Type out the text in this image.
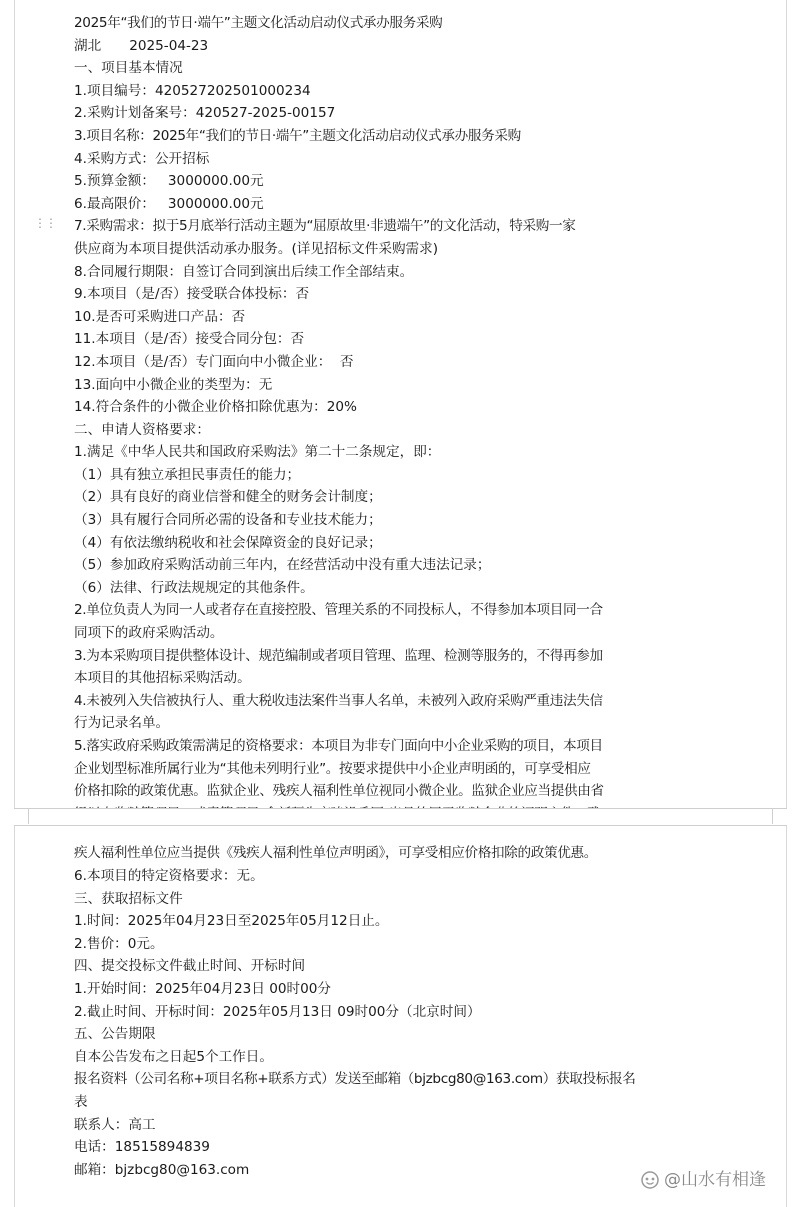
⋮⋮
2025年“我们的节日·端午”主题文化活动启动仪式承办服务采购
湖北 2025-04-23
一、项目基本情况
1.项目编号：420527202501000234
2.采购计划备案号：420527-2025-00157
3.项目名称：2025年“我们的节日·端午”主题文化活动启动仪式承办服务采购
4.采购方式：公开招标
5.预算金额：   3000000.00元
6.最高限价：   3000000.00元
7.采购需求：拟于5月底举行活动主题为“屈原故里·非遗端午”的文化活动，特采购一家
供应商为本项目提供活动承办服务。(详见招标文件采购需求)
8.合同履行期限：自签订合同到演出后续工作全部结束。
9.本项目（是/否）接受联合体投标：否
10.是否可采购进口产品：否
11.本项目（是/否）接受合同分包：否
12.本项目（是/否）专门面向中小微企业：  否
13.面向中小微企业的类型为：无
14.符合条件的小微企业价格扣除优惠为：20%
二、申请人资格要求：
1.满足《中华人民共和国政府采购法》第二十二条规定，即：
（1）具有独立承担民事责任的能力；
（2）具有良好的商业信誉和健全的财务会计制度；
（3）具有履行合同所必需的设备和专业技术能力；
（4）有依法缴纳税收和社会保障资金的良好记录；
（5）参加政府采购活动前三年内，在经营活动中没有重大违法记录；
（6）法律、行政法规规定的其他条件。
2.单位负责人为同一人或者存在直接控股、管理关系的不同投标人，不得参加本项目同一合
同项下的政府采购活动。
3.为本采购项目提供整体设计、规范编制或者项目管理、监理、检测等服务的，不得再参加
本项目的其他招标采购活动。
4.未被列入失信被执行人、重大税收违法案件当事人名单，未被列入政府采购严重违法失信
行为记录名单。
5.落实政府采购政策需满足的资格要求：本项目为非专门面向中小企业采购的项目，本项目
企业划型标准所属行业为“其他未列明行业”。按要求提供中小企业声明函的，可享受相应
价格扣除的政策优惠。监狱企业、残疾人福利性单位视同小微企业。监狱企业应当提供由省
疾人福利性单位应当提供《残疾人福利性单位声明函》，可享受相应价格扣除的政策优惠。
6.本项目的特定资格要求：无。
三、获取招标文件
1.时间：2025年04月23日至2025年05月12日止。
2.售价：0元。
四、提交投标文件截止时间、开标时间
1.开始时间：2025年04月23日 00时00分
2.截止时间、开标时间：2025年05月13日 09时00分（北京时间）
五、公告期限
自本公告发布之日起5个工作日。
报名资料（公司名称+项目名称+联系方式）发送至邮箱（bjzbcg80@163.com）获取投标报名
表
联系人：高工
电话：18515894839
邮箱：bjzbcg80@163.com
@山水有相逢
